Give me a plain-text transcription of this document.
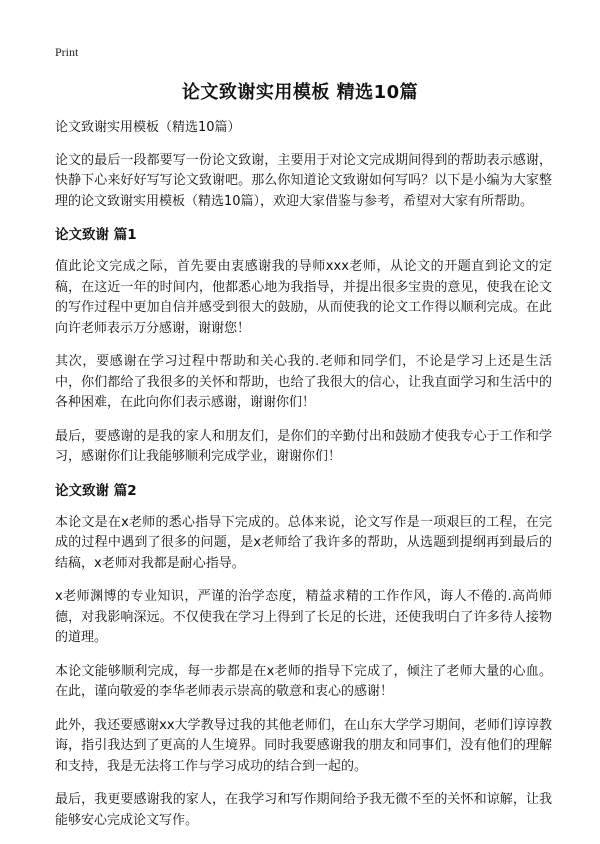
Print
论文致谢实用模板 精选10篇

论文致谢实用模板（精选10篇）

论文的最后一段都要写一份论文致谢，主要用于对论文完成期间得到的帮助表示感谢，快静下心来好好写写论文致谢吧。那么你知道论文致谢如何写吗？以下是小编为大家整理的论文致谢实用模板（精选10篇），欢迎大家借鉴与参考，希望对大家有所帮助。

论文致谢 篇1

值此论文完成之际，首先要由衷感谢我的导师xxx老师，从论文的开题直到论文的定稿，在这近一年的时间内，他都悉心地为我指导，并提出很多宝贵的意见，使我在论文的写作过程中更加自信并感受到很大的鼓励，从而使我的论文工作得以顺利完成。在此向许老师表示万分感谢，谢谢您！

其次，要感谢在学习过程中帮助和关心我的.老师和同学们，不论是学习上还是生活中，你们都给了我很多的关怀和帮助，也给了我很大的信心，让我直面学习和生活中的各种困难，在此向你们表示感谢，谢谢你们！

最后，要感谢的是我的家人和朋友们，是你们的辛勤付出和鼓励才使我专心于工作和学习，感谢你们让我能够顺利完成学业，谢谢你们！

论文致谢 篇2

本论文是在x老师的悉心指导下完成的。总体来说，论文写作是一项艰巨的工程，在完成的过程中遇到了很多的问题，是x老师给了我许多的帮助，从选题到提纲再到最后的结稿，x老师对我都是耐心指导。

x老师渊博的专业知识，严谨的治学态度，精益求精的工作作风，诲人不倦的.高尚师德，对我影响深远。不仅使我在学习上得到了长足的长进，还使我明白了许多待人接物的道理。

本论文能够顺利完成，每一步都是在x老师的指导下完成了，倾注了老师大量的心血。在此，谨向敬爱的李华老师表示崇高的敬意和衷心的感谢！

此外，我还要感谢xx大学教导过我的其他老师们，在山东大学学习期间，老师们谆谆教诲，指引我达到了更高的人生境界。同时我要感谢我的朋友和同事们，没有他们的理解和支持，我是无法将工作与学习成功的结合到一起的。

最后，我更要感谢我的家人，在我学习和写作期间给予我无微不至的关怀和谅解，让我能够安心完成论文写作。
